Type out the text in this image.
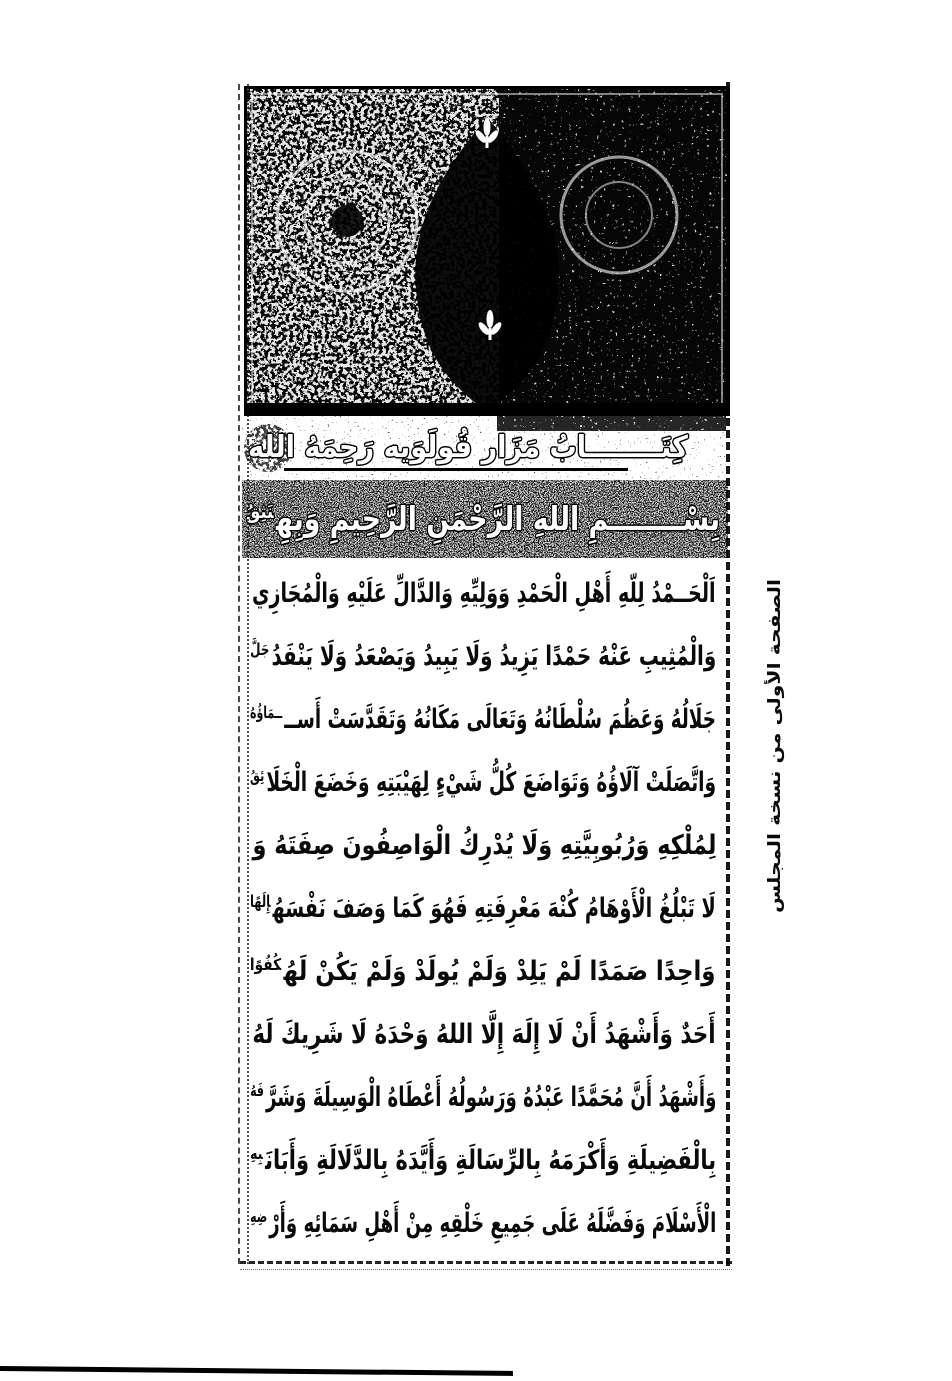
كِتَــــــــابُ مَزَار قُولَوَيه رَحِمَهُ الله
بِسْــــــــمِ اللهِ الرَّحْمَنِ الرَّحِيمِ وَبِهِ$^{نَثِقُ}$
اَلْحَــمْدُ لِلّهِ أَهْلِ الْحَمْدِ وَوَلِيِّهِ وَالدَّالِّ عَلَيْهِ وَالْمُجَازِي
وَالْمُثِيبِ عَنْهُ حَمْدًا يَزِيدُ وَلَا يَبِيدُ وَيَصْعَدُ وَلَا يَنْفَدُ$^{جَلَّ}$
جَلَالُهُ وَعَظُمَ سُلْطَانُهُ وَتَعَالَى مَكَانُهُ وَتَقَدَّسَتْ أَســ$^{ــمَاؤُهُ}$
وَاتَّصَلَتْ آلَاؤُهُ وَتَوَاضَعَ كُلُّ شَيْءٍ لِهَيْبَتِهِ وَخَضَعَ الْخَلَا$^{ئِقُ}$
لِمُلْكِهِ وَرُبُوبِيَّتِهِ وَلَا يُدْرِكُ الْوَاصِفُونَ صِفَتَهُ وَ
لَا تَبْلُغُ الْأَوْهَامُ كُنْهَ مَعْرِفَتِهِ فَهُوَ كَمَا وَصَفَ نَفْسَهُ$^{إِلَهًا}$
وَاحِدًا صَمَدًا لَمْ يَلِدْ وَلَمْ يُولَدْ وَلَمْ يَكُنْ لَهُ$^{كُفُوًا}$
أَحَدٌ وَأَشْهَدُ أَنْ لَا إِلَهَ إِلَّا اللهُ وَحْدَهُ لَا شَرِيكَ لَهُ
وَأَشْهَدُ أَنَّ مُحَمَّدًا عَبْدُهُ وَرَسُولُهُ أَعْطَاهُ الْوَسِيلَةَ وَشَرَّ$^{فَهُ}$
بِالْفَضِيلَةِ وَأَكْرَمَهُ بِالرِّسَالَةِ وَأَيَّدَهُ بِالدَّلَالَةِ وَأَبَانَ$^{بِهِ}$
الْأَسْلَامَ وَفَضَّلَهُ عَلَى جَمِيعِ خَلْقِهِ مِنْ أَهْلِ سَمَائِهِ وَأَرْ$^{ضِهِ}$
الصفحة الأولى من نسخة المجلس
